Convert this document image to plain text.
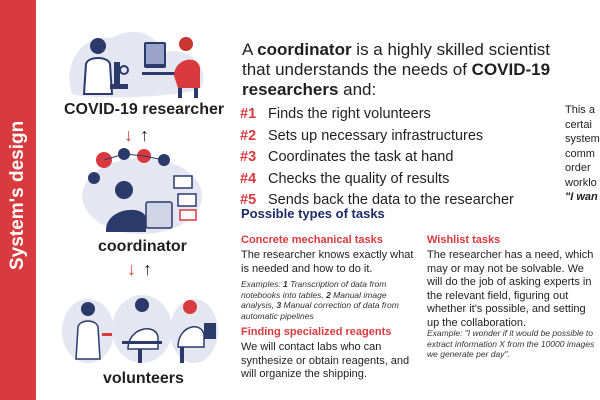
System's design
COVID-19 researcher
↓ ↑
coordinator
↓ ↑
volunteers
A coordinator is a highly skilled scientist that understands the needs of COVID-19 researchers and:
#1 Finds the right volunteers
#2 Sets up necessary infrastructures
#3 Coordinates the task at hand
#4 Checks the quality of results
#5 Sends back the data to the researcher
This a
certai
system
comm
order
worklo
"I wan
Possible types of tasks
Concrete mechanical tasks
The researcher knows exactly what is needed and how to do it.
Examples: 1 Transcription of data from notebooks into tables, 2 Manual image analysis, 3 Manual correction of data from automatic pipelines
Finding specialized reagents
We will contact labs who can synthesize or obtain reagents, and will organize the shipping.
Wishlist tasks
The researcher has a need, which may or may not be solvable. We will do the job of asking experts in the relevant field, figuring out whether it's possible, and setting up the collaboration.
Example: "I wonder if it would be possible to extract information X from the 10000 images we generate per day".
